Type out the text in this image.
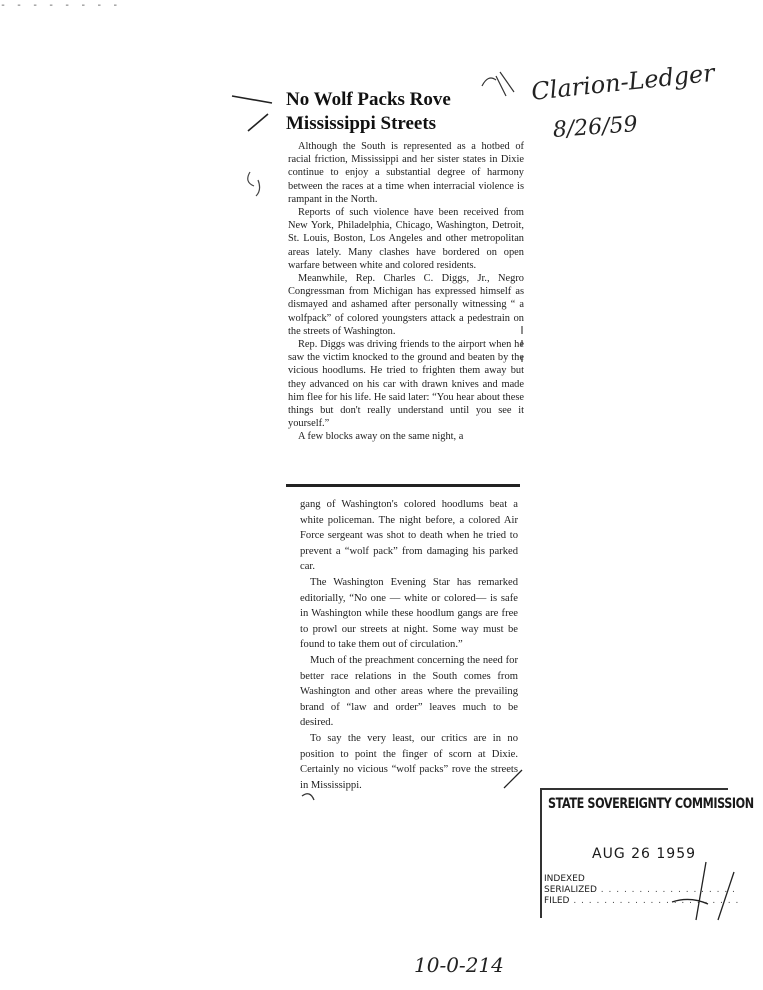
- - - - - - - -
No Wolf Packs Rove Mississippi Streets
Clarion-Ledger
8/26/59

Although the South is represented as a hotbed of racial friction, Mississippi and her sister states in Dixie continue to enjoy a substantial degree of harmony between the races at a time when interracial violence is rampant in the North.

Reports of such violence have been received from New York, Philadelphia, Chicago, Washington, Detroit, St. Louis, Boston, Los Angeles and other metropolitan areas lately. Many clashes have bordered on open warfare between white and colored residents.

Meanwhile, Rep. Charles C. Diggs, Jr., Negro Congressman from Michigan has expressed himself as dismayed and ashamed after personally witnessing “ a wolfpack” of colored youngsters attack a pedestrain on the streets of Washington.

Rep. Diggs was driving friends to the airport when he saw the victim knocked to the ground and beaten by the vicious hoodlums. He tried to frighten them away but they advanced on his car with drawn knives and made him flee for his life. He said later: “You hear about these things but don't really understand until you see it yourself.”

A few blocks away on the same night, a

gang of Washington's colored hoodlums beat a white policeman. The night before, a colored Air Force sergeant was shot to death when he tried to prevent a “wolf pack” from damaging his parked car.

The Washington Evening Star has remarked editorially, “No one — white or colored— is safe in Washington while these hoodlum gangs are free to prowl our streets at night. Some way must be found to take them out of circulation.”

Much of the preachment concerning the need for better race relations in the South comes from Washington and other areas where the prevailing brand of “law and order” leaves much to be desired.

To say the very least, our critics are in no position to point the finger of scorn at Dixie. Certainly no vicious “wolf packs” rove the streets in Mississippi.

STATE SOVEREIGNTY COMMISSION
AUG 26 1959
INDEXED
SERIALIZED . . . . . . . . . . . . . . . . . .
FILED . . . . . . . . . . . . . . . . . . . . . .
10-0-214
